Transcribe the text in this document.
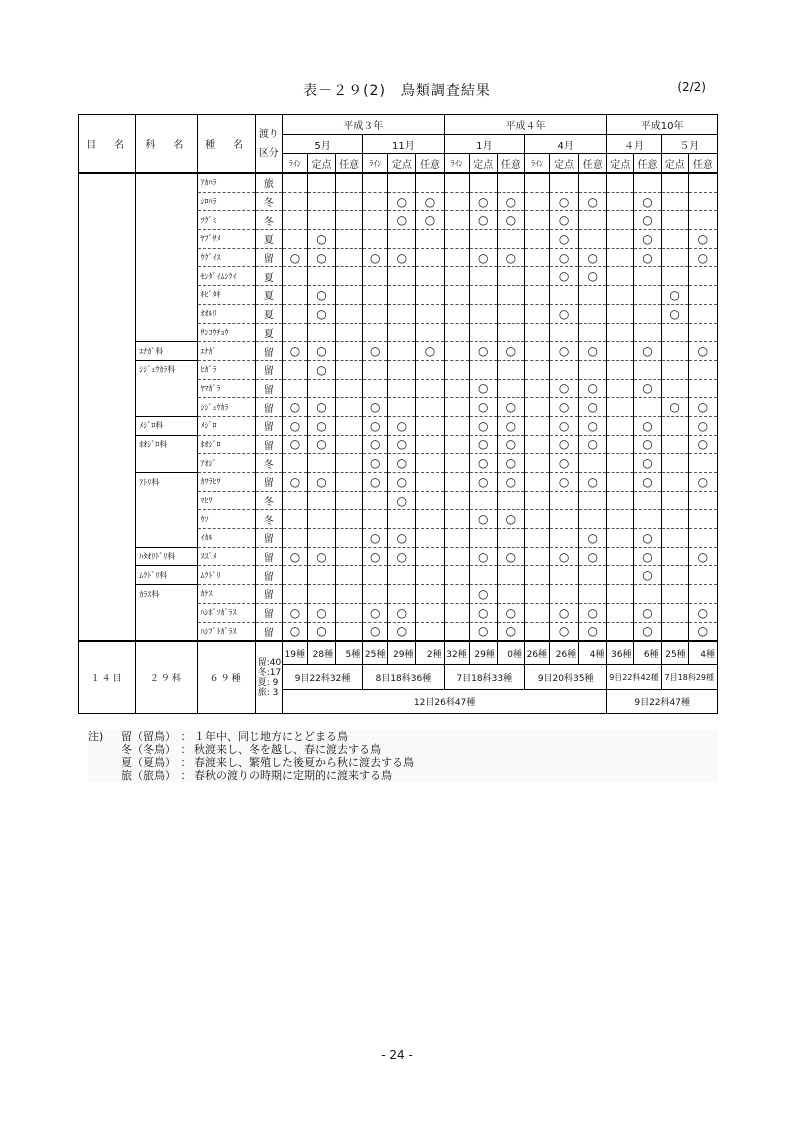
表－２９(2)　鳥類調査結果	(2/2)
目　名	科　名	種　名	渡り区分	平成３年						平成４年						平成10年			
				5月			11月			1月			4月			４月		５月	
				ﾗｲﾝ	定点	任意	ﾗｲﾝ	定点	任意	ﾗｲﾝ	定点	任意	ﾗｲﾝ	定点	任意	定点	任意	定点	任意
		ｱｶﾊﾗ	旅																
		ｼﾛﾊﾗ	冬					○	○		○	○		○	○		○		
		ﾂｸﾞﾐ	冬					○	○		○	○		○			○		
		ﾔﾌﾞｻﾒ	夏		○									○			○		○
		ｳｸﾞｲｽ	留	○	○		○	○			○	○		○	○		○		○
		ｾﾝﾀﾞｲﾑｼｸｲ	夏											○	○				
		ｷﾋﾞﾀｷ	夏		○													○	
		ｵｵﾙﾘ	夏		○									○				○	
		ｻﾝｺｳﾁｮｳ	夏																
	ｴﾅｶﾞ科	ｴﾅｶﾞ	留	○	○		○		○		○	○		○	○		○		○
	ｼｼﾞｭｳｶﾗ科	ﾋｶﾞﾗ	留		○														
		ﾔﾏｶﾞﾗ	留								○			○	○		○		
		ｼｼﾞｭｳｶﾗ	留	○	○		○				○	○		○	○			○	○
	ﾒｼﾞﾛ科	ﾒｼﾞﾛ	留	○	○		○	○			○	○		○	○		○		○
	ﾎｵｼﾞﾛ科	ﾎｵｼﾞﾛ	留	○	○		○	○			○	○		○	○		○		○
		ｱｵｼﾞ	冬				○	○			○	○		○			○		
	ｱﾄﾘ科	ｶﾜﾗﾋﾜ	留	○	○		○	○			○	○		○	○		○		○
		ﾏﾋﾜ	冬					○											
		ｳｿ	冬								○	○							
		ｲｶﾙ	留				○	○							○		○		
	ﾊﾀｵﾘﾄﾞﾘ科	ｽｽﾞﾒ	留	○	○		○	○			○	○		○	○		○		○
	ﾑｸﾄﾞﾘ科	ﾑｸﾄﾞﾘ	留														○		
	ｶﾗｽ科	ｶｹｽ	留								○								
		ﾊｼﾎﾞｿｶﾞﾗｽ	留	○	○		○	○			○	○		○	○		○		○
		ﾊｼﾌﾞﾄｶﾞﾗｽ	留	○	○		○	○			○	○		○	○		○		○
１４目	２９科	６９種	留:40
冬:17
夏: 9
旅: 3	19種	28種	5種	25種	29種	2種	32種	29種	0種	26種	26種	4種	36種	6種	25種	4種
				9目22科32種			8目18科36種			7目18科33種			9目20科35種			9目22科42種		7目18科29種	
				12目26科47種												9目22科47種			
注)	留（留鳥） ： １年中、同じ地方にとどまる鳥
冬（冬鳥） ： 秋渡来し、冬を越し、春に渡去する鳥
夏（夏鳥） ： 春渡来し、繁殖した後夏から秋に渡去する鳥
旅（旅鳥） ： 春秋の渡りの時期に定期的に渡来する鳥
- 24 -
